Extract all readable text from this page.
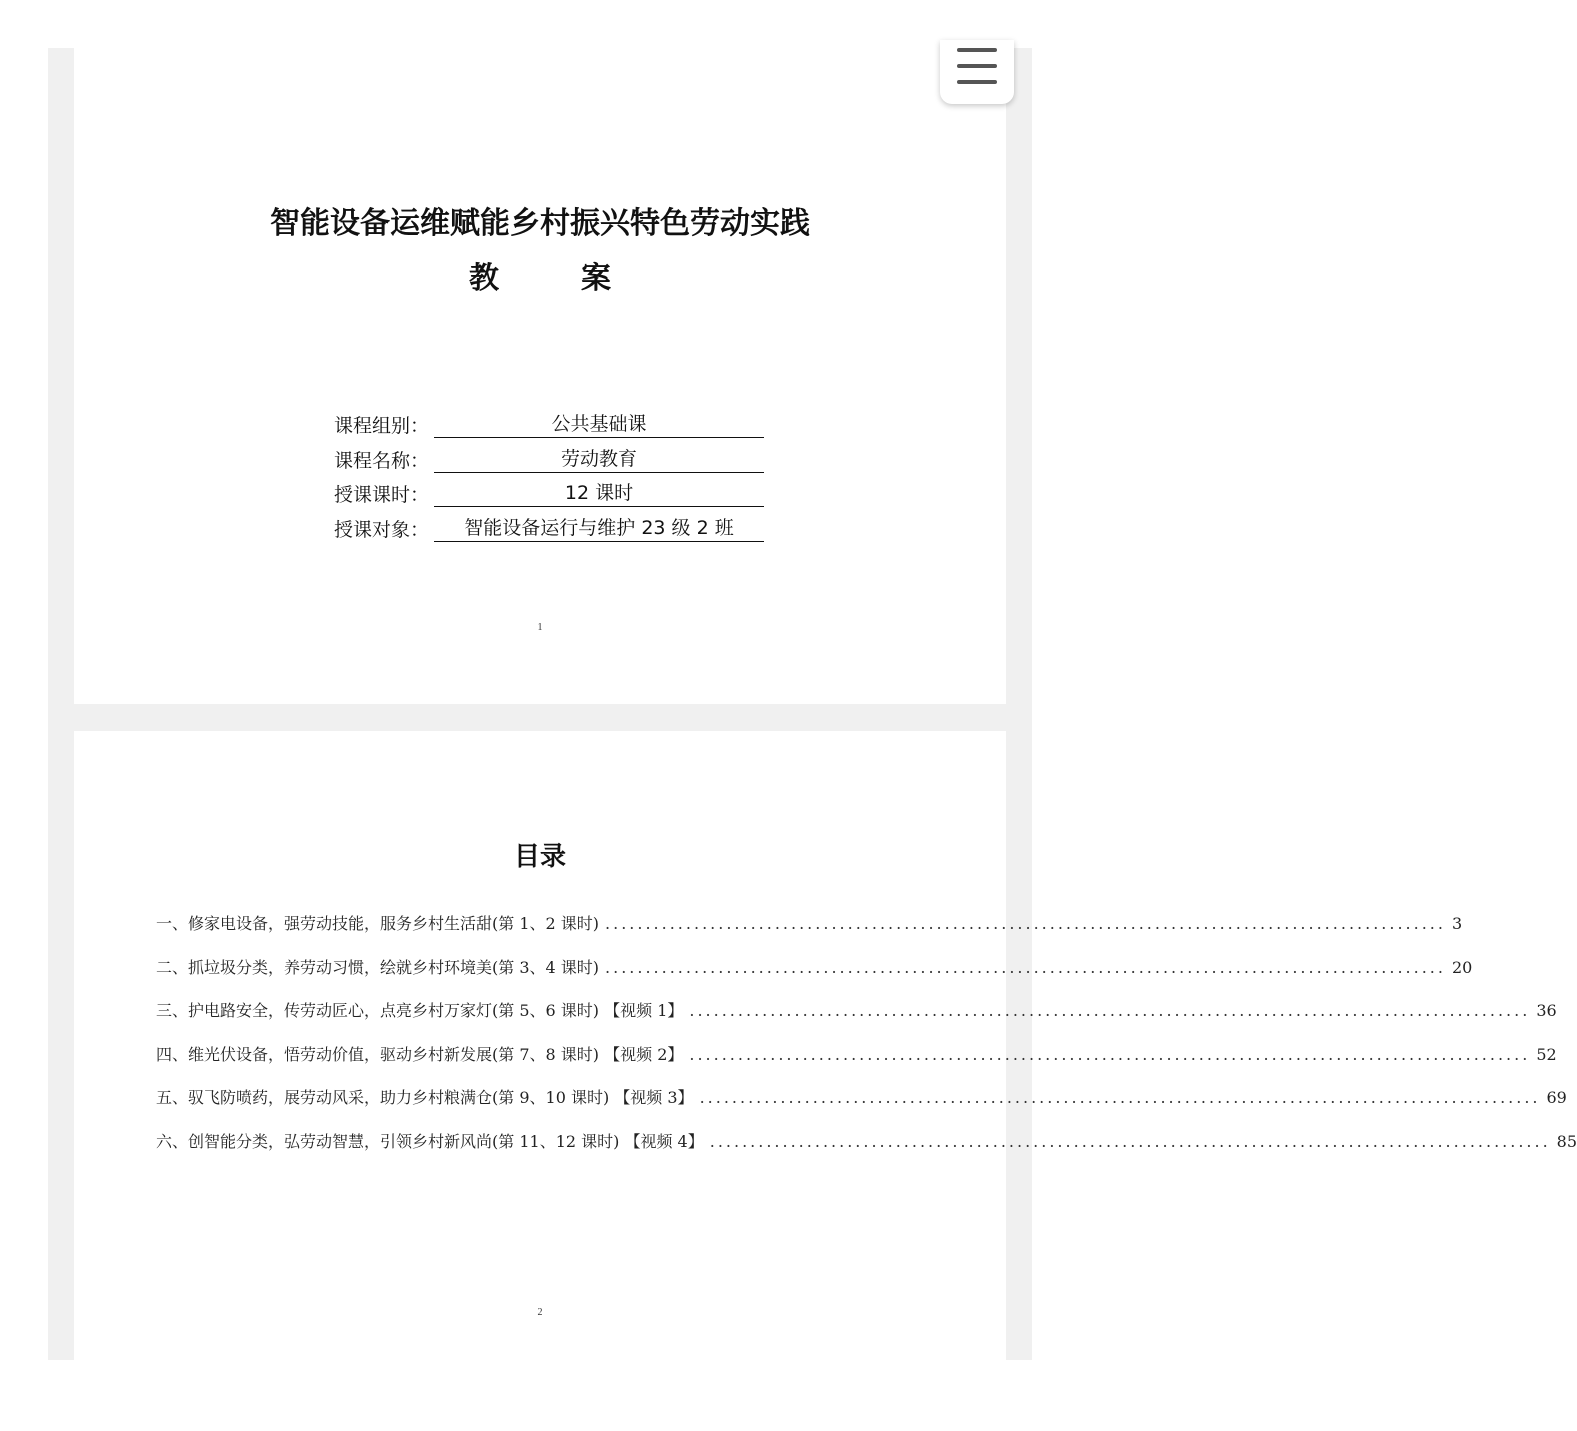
智能设备运维赋能乡村振兴特色劳动实践
教	案
课程组别：	公共基础课
课程名称：	劳动教育
授课课时：	12 课时
授课对象：	智能设备运行与维护 23 级 2 班
1
目录
一、修家电设备，强劳动技能，服务乡村生活甜(第 1、2 课时) ........................................................................................................ 3
二、抓垃圾分类，养劳动习惯，绘就乡村环境美(第 3、4 课时) ........................................................................................................ 20
三、护电路安全，传劳动匠心，点亮乡村万家灯(第 5、6 课时) 【视频 1】 ........................................................................................................ 36
四、维光伏设备，悟劳动价值，驱动乡村新发展(第 7、8 课时) 【视频 2】 ........................................................................................................ 52
五、驭飞防喷药，展劳动风采，助力乡村粮满仓(第 9、10 课时) 【视频 3】 ........................................................................................................ 69
六、创智能分类，弘劳动智慧，引领乡村新风尚(第 11、12 课时) 【视频 4】 ........................................................................................................ 85
2
